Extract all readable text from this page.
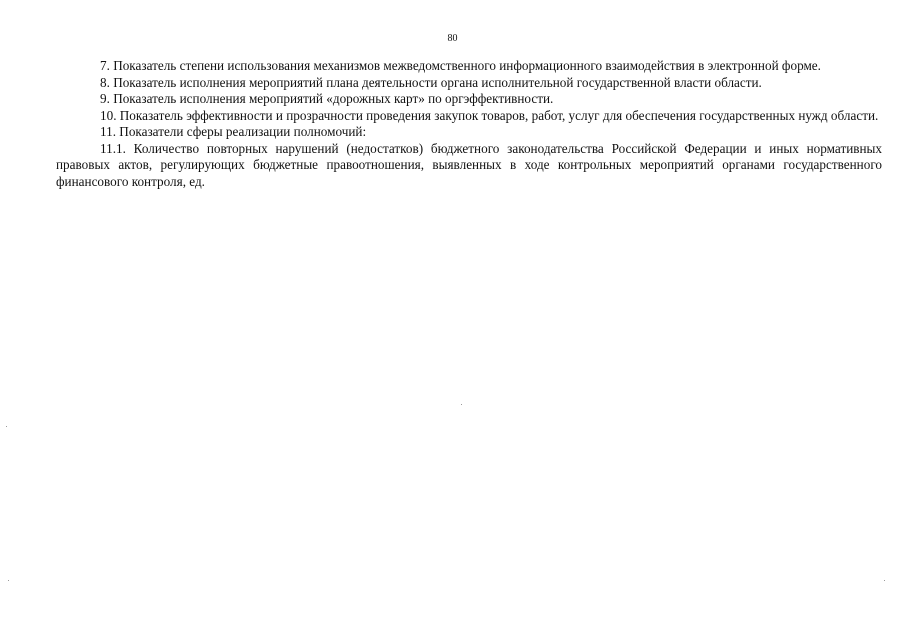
80

7. Показатель степени использования механизмов межведомственного информационного взаимодействия в электронной форме.

8. Показатель исполнения мероприятий плана деятельности органа исполнительной государственной власти области.

9. Показатель исполнения мероприятий «дорожных карт» по оргэффективности.

10. Показатель эффективности и прозрачности проведения закупок товаров, работ, услуг для обеспечения государственных нужд области.

11. Показатели сферы реализации полномочий:

11.1. Количество повторных нарушений (недостатков) бюджетного законодательства Российской Федерации и иных нормативных правовых актов, регулирующих бюджетные правоотношения, выявленных в ходе контрольных мероприятий органами государственного финансового контроля, ед.
